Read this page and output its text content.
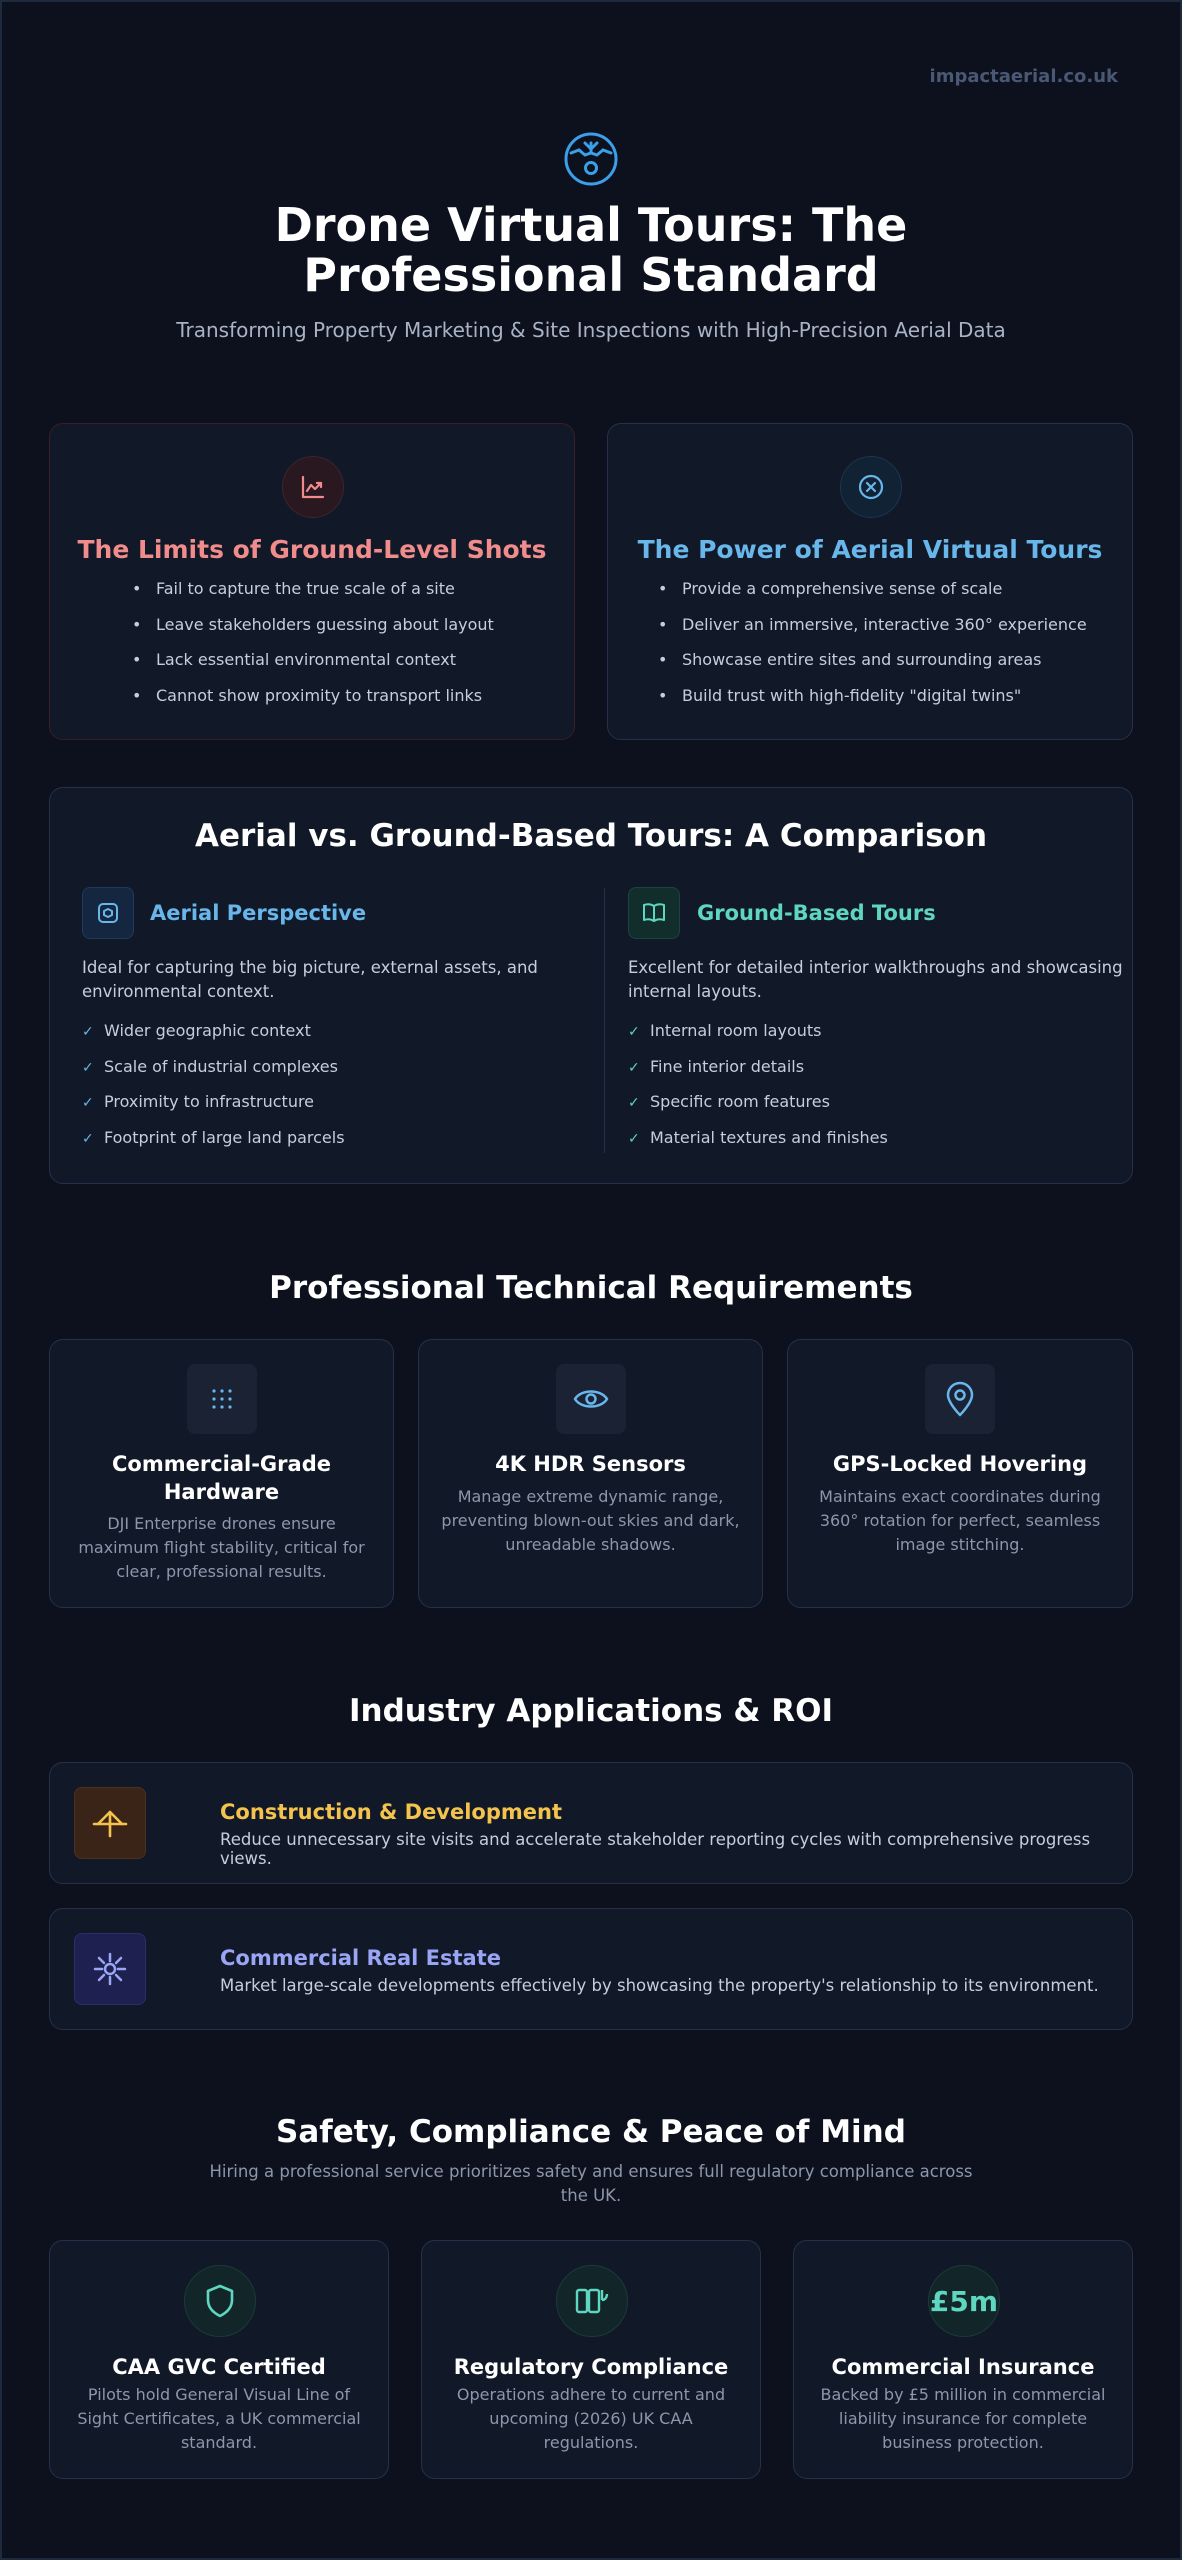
impactaerial.co.uk
Drone Virtual Tours: The
Professional Standard
Transforming Property Marketing & Site Inspections with High-Precision Aerial Data
The Limits of Ground-Level Shots
• Fail to capture the true scale of a site
• Leave stakeholders guessing about layout
• Lack essential environmental context
• Cannot show proximity to transport links
The Power of Aerial Virtual Tours
• Provide a comprehensive sense of scale
• Deliver an immersive, interactive 360° experience
• Showcase entire sites and surrounding areas
• Build trust with high-fidelity "digital twins"
Aerial vs. Ground-Based Tours: A Comparison
Aerial Perspective
Ideal for capturing the big picture, external assets, and
environmental context.
✓ Wider geographic context
✓ Scale of industrial complexes
✓ Proximity to infrastructure
✓ Footprint of large land parcels
Ground-Based Tours
Excellent for detailed interior walkthroughs and showcasing
internal layouts.
✓ Internal room layouts
✓ Fine interior details
✓ Specific room features
✓ Material textures and finishes
Professional Technical Requirements
Commercial-Grade
Hardware
DJI Enterprise drones ensure
maximum flight stability, critical for
clear, professional results.
4K HDR Sensors
Manage extreme dynamic range,
preventing blown-out skies and dark,
unreadable shadows.
GPS-Locked Hovering
Maintains exact coordinates during
360° rotation for perfect, seamless
image stitching.
Industry Applications & ROI
Construction & Development
Reduce unnecessary site visits and accelerate stakeholder reporting cycles with comprehensive progress views.
Commercial Real Estate
Market large-scale developments effectively by showcasing the property's relationship to its environment.
Safety, Compliance & Peace of Mind
Hiring a professional service prioritizes safety and ensures full regulatory compliance across
the UK.
CAA GVC Certified
Pilots hold General Visual Line of
Sight Certificates, a UK commercial
standard.
Regulatory Compliance
Operations adhere to current and
upcoming (2026) UK CAA
regulations.
£5m
Commercial Insurance
Backed by £5 million in commercial
liability insurance for complete
business protection.
